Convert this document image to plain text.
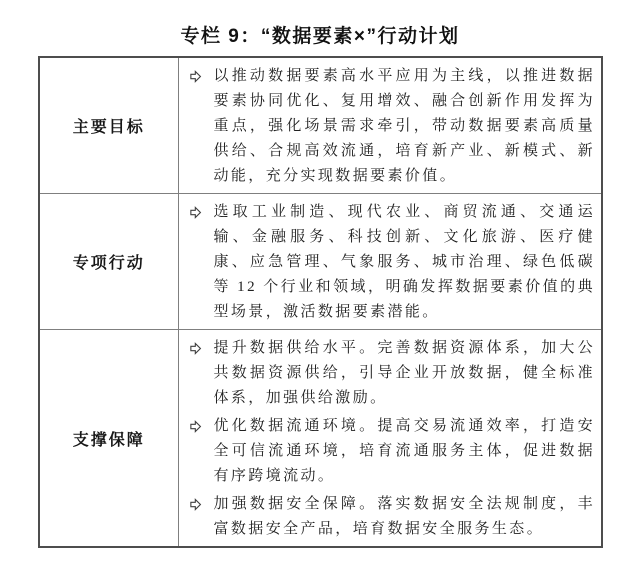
专栏 9：“数据要素×”行动计划
主要目标	以推动数据要素高水平应用为主线，以推进数据要素协同优化、复用增效、融合创新作用发挥为重点，强化场景需求牵引，带动数据要素高质量供给、合规高效流通，培育新产业、新模式、新动能，充分实现数据要素价值。

专项行动	选取工业制造、现代农业、商贸流通、交通运输、金融服务、科技创新、文化旅游、医疗健康、应急管理、气象服务、城市治理、绿色低碳等 12 个行业和领域，明确发挥数据要素价值的典型场景，激活数据要素潜能。

支撑保障	提升数据供给水平。完善数据资源体系，加大公共数据资源供给，引导企业开放数据，健全标准体系，加强供给激励。
优化数据流通环境。提高交易流通效率，打造安全可信流通环境，培育流通服务主体，促进数据有序跨境流动。
加强数据安全保障。落实数据安全法规制度，丰富数据安全产品，培育数据安全服务生态。
